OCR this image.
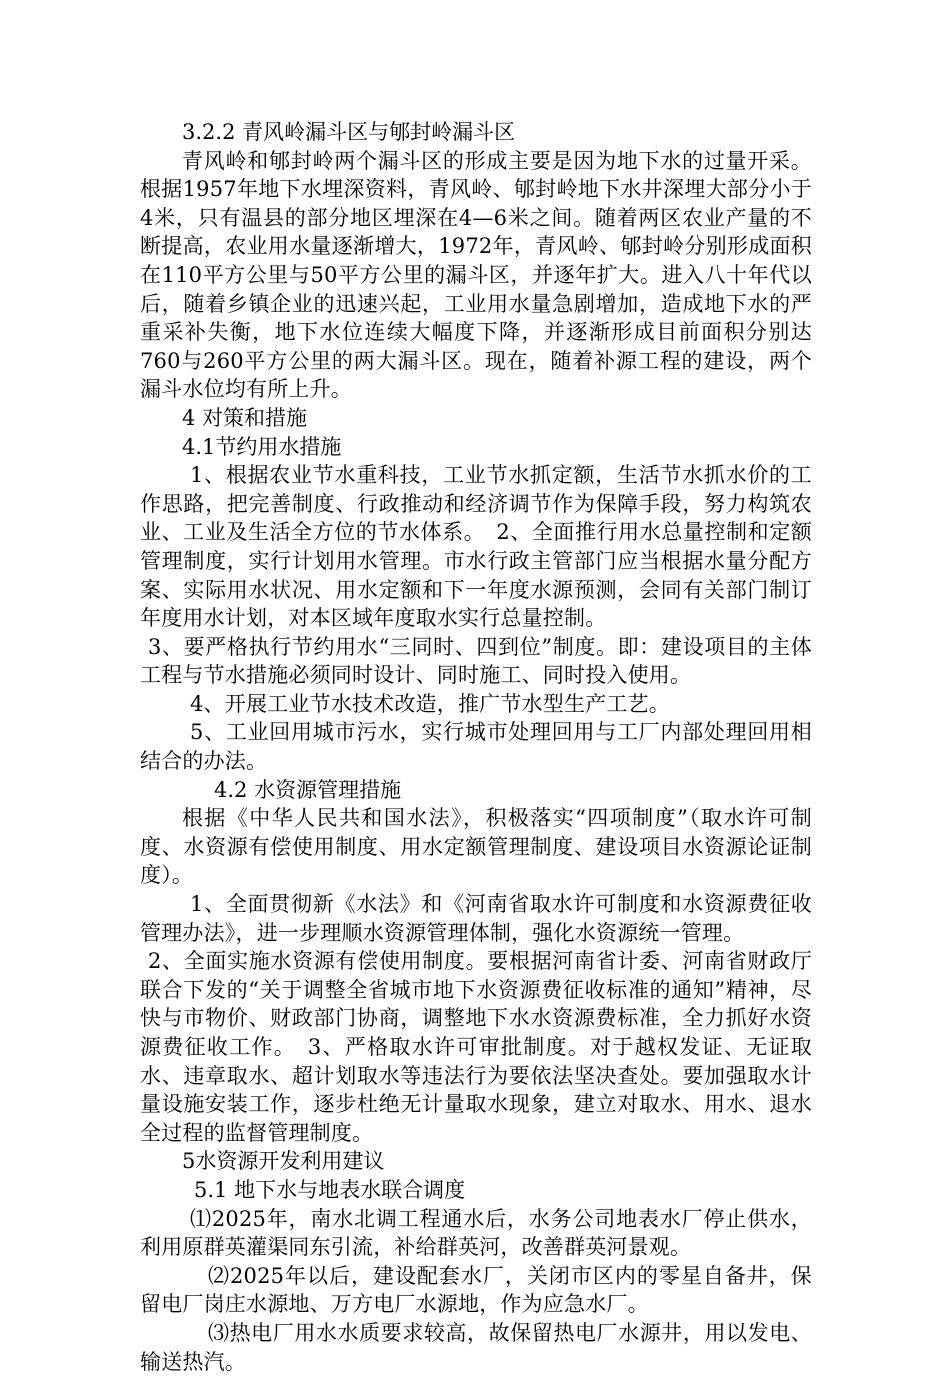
3.2.2 青风岭漏斗区与郇封岭漏斗区

青风岭和郇封岭两个漏斗区的形成主要是因为地下水的过量开采。根据1957年地下水埋深资料，青风岭、郇封岭地下水井深埋大部分小于4米，只有温县的部分地区埋深在4—6米之间。随着两区农业产量的不断提高，农业用水量逐渐增大，1972年，青风岭、郇封岭分别形成面积在110平方公里与50平方公里的漏斗区，并逐年扩大。进入八十年代以后，随着乡镇企业的迅速兴起，工业用水量急剧增加，造成地下水的严重采补失衡，地下水位连续大幅度下降，并逐渐形成目前面积分别达760与260平方公里的两大漏斗区。现在，随着补源工程的建设，两个漏斗水位均有所上升。

4 对策和措施

4.1节约用水措施

1、根据农业节水重科技，工业节水抓定额，生活节水抓水价的工作思路，把完善制度、行政推动和经济调节作为保障手段，努力构筑农业、工业及生活全方位的节水体系。　2、全面推行用水总量控制和定额管理制度，实行计划用水管理。市水行政主管部门应当根据水量分配方案、实际用水状况、用水定额和下一年度水源预测，会同有关部门制订年度用水计划，对本区域年度取水实行总量控制。

3、要严格执行节约用水“三同时、四到位”制度。即：建设项目的主体工程与节水措施必须同时设计、同时施工、同时投入使用。

4、开展工业节水技术改造，推广节水型生产工艺。

5、工业回用城市污水，实行城市处理回用与工厂内部处理回用相结合的办法。

4.2 水资源管理措施

根据《中华人民共和国水法》，积极落实“四项制度”（取水许可制度、水资源有偿使用制度、用水定额管理制度、建设项目水资源论证制度）。

1、全面贯彻新《水法》和《河南省取水许可制度和水资源费征收管理办法》，进一步理顺水资源管理体制，强化水资源统一管理。

2、全面实施水资源有偿使用制度。要根据河南省计委、河南省财政厅联合下发的“关于调整全省城市地下水资源费征收标准的通知”精神，尽快与市物价、财政部门协商，调整地下水水资源费标准，全力抓好水资源费征收工作。　3、严格取水许可审批制度。对于越权发证、无证取水、违章取水、超计划取水等违法行为要依法坚决查处。要加强取水计量设施安装工作，逐步杜绝无计量取水现象，建立对取水、用水、退水全过程的监督管理制度。

5水资源开发利用建议

5.1 地下水与地表水联合调度

⑴2025年，南水北调工程通水后，水务公司地表水厂停止供水，利用原群英灌渠同东引流，补给群英河，改善群英河景观。

⑵2025年以后，建设配套水厂，关闭市区内的零星自备井，保留电厂岗庄水源地、万方电厂水源地，作为应急水厂。

⑶热电厂用水水质要求较高，故保留热电厂水源井，用以发电、输送热汽。
